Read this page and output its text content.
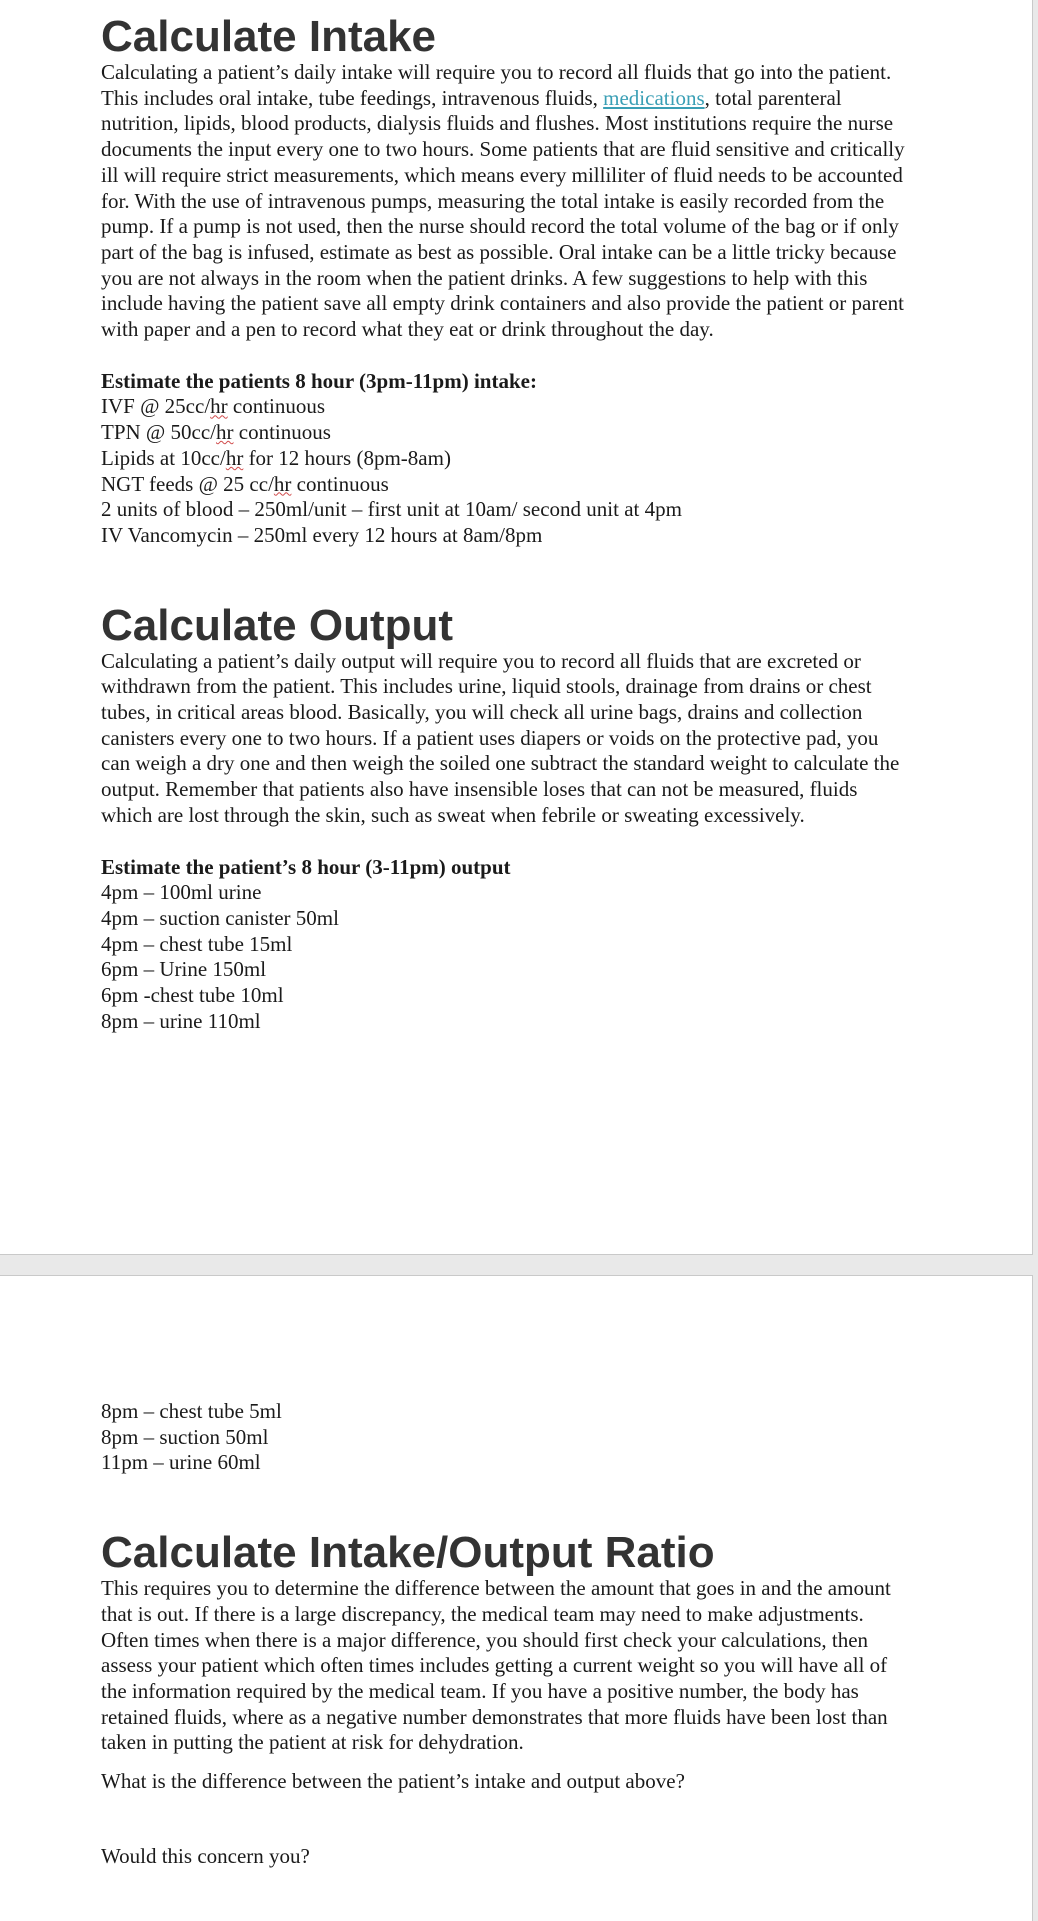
Calculate Intake

Calculating a patient’s daily intake will require you to record all fluids that go into the patient. This includes oral intake, tube feedings, intravenous fluids, medications, total parenteral nutrition, lipids, blood products, dialysis fluids and flushes. Most institutions require the nurse documents the input every one to two hours. Some patients that are fluid sensitive and critically ill will require strict measurements, which means every milliliter of fluid needs to be accounted for. With the use of intravenous pumps, measuring the total intake is easily recorded from the pump. If a pump is not used, then the nurse should record the total volume of the bag or if only part of the bag is infused, estimate as best as possible. Oral intake can be a little tricky because you are not always in the room when the patient drinks. A few suggestions to help with this include having the patient save all empty drink containers and also provide the patient or parent with paper and a pen to record what they eat or drink throughout the day.

Estimate the patients 8 hour (3pm-11pm) intake:
IVF @ 25cc/hr continuous
TPN @ 50cc/hr continuous
Lipids at 10cc/hr for 12 hours (8pm-8am)
NGT feeds @ 25 cc/hr continuous
2 units of blood – 250ml/unit – first unit at 10am/ second unit at 4pm
IV Vancomycin – 250ml every 12 hours at 8am/8pm
Calculate Output

Calculating a patient’s daily output will require you to record all fluids that are excreted or withdrawn from the patient. This includes urine, liquid stools, drainage from drains or chest tubes, in critical areas blood. Basically, you will check all urine bags, drains and collection canisters every one to two hours. If a patient uses diapers or voids on the protective pad, you can weigh a dry one and then weigh the soiled one subtract the standard weight to calculate the output. Remember that patients also have insensible loses that can not be measured, fluids which are lost through the skin, such as sweat when febrile or sweating excessively.

Estimate the patient’s 8 hour (3-11pm) output
4pm – 100ml urine
4pm – suction canister 50ml
4pm – chest tube 15ml
6pm – Urine 150ml
6pm -chest tube 10ml
8pm – urine 110ml
8pm – chest tube 5ml
8pm – suction 50ml
11pm – urine 60ml
Calculate Intake/Output Ratio

This requires you to determine the difference between the amount that goes in and the amount that is out. If there is a large discrepancy, the medical team may need to make adjustments. Often times when there is a major difference, you should first check your calculations, then assess your patient which often times includes getting a current weight so you will have all of the information required by the medical team. If you have a positive number, the body has retained fluids, where as a negative number demonstrates that more fluids have been lost than taken in putting the patient at risk for dehydration.

What is the difference between the patient’s intake and output above?
Would this concern you?
